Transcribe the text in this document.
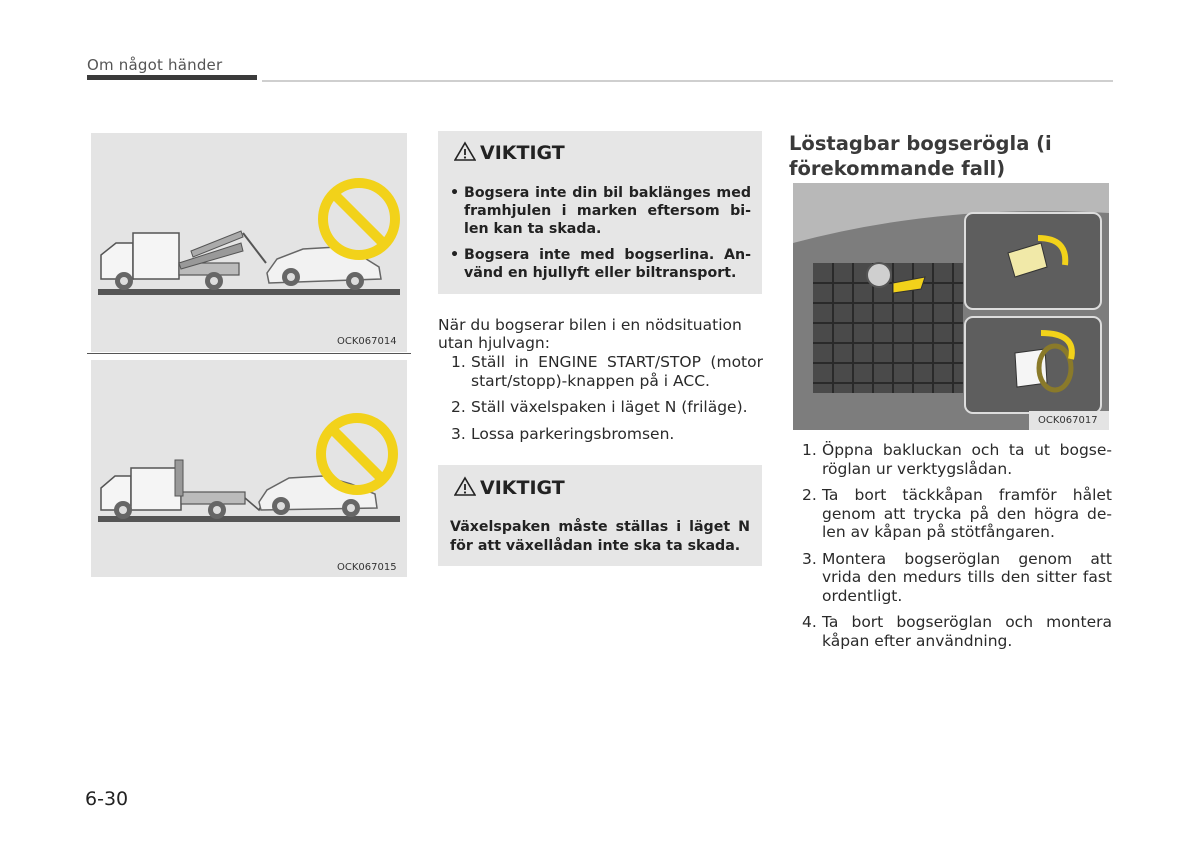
Om något händer
OCK067014
OCK067015
VIKTIGT
• Bogsera inte din bil baklänges med framhjulen i marken eftersom bi-len kan ta skada.
• Bogsera inte med bogserlina. An-vänd en hjullyft eller biltransport.
När du bogserar bilen i en nödsituation utan hjulvagn:
1. Ställ in ENGINE START/STOP (motor start/stopp)-knappen på i ACC.
2. Ställ växelspaken i läget N (friläge).
3. Lossa parkeringsbromsen.
VIKTIGT

Växelspaken måste ställas i läget N för att växellådan inte ska ta skada.

Löstagbar bogserögla (i förekommande fall)
OCK067017
1. Öppna bakluckan och ta ut bogse-röglan ur verktygslådan.
2. Ta bort täckkåpan framför hålet genom att trycka på den högra de-len av kåpan på stötfångaren.
3. Montera bogseröglan genom att vrida den medurs tills den sitter fast ordentligt.
4. Ta bort bogseröglan och montera kåpan efter användning.
6-30
